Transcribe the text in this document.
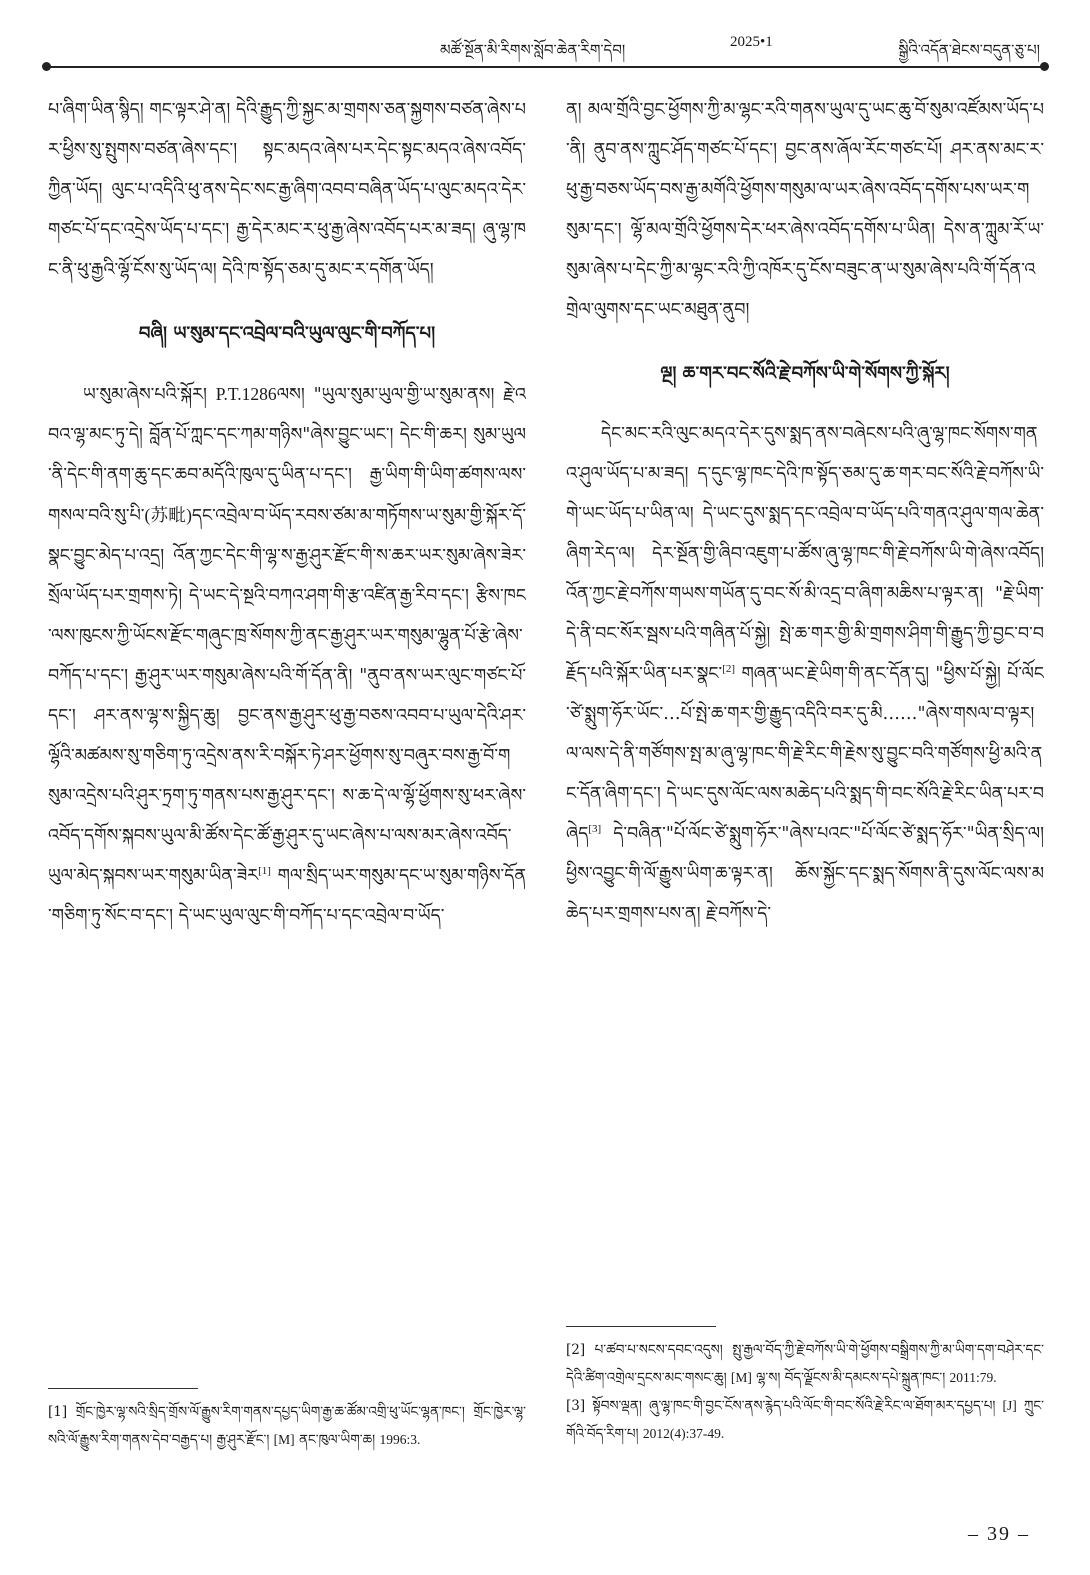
མཚོ་སྔོན་མི་རིགས་སློབ་ཆེན་རིག་དེབ།	2025•1	སྒྱིའི་འདོན་ཐེངས་བདུན་ཅུ་པ།

པ་ཞིག་ཡིན་སྙིད། གང་ལྟར་ཤེ་ན། དེའི་རྒྱུད་ཀྱི་སྐྱང་མ་གྲགས་ཅན་སྐྱགས་བཙན་ཞེས་པར་ཕྱིས་སུ་སྤུགས་བཙན་ཞེས་དང་། སྟང་མདའ་ཞེས་པར་དེང་སྟང་མདའ་ཞེས་འབོད་ཀྱིན་ཡོད། ལུང་པ་འདིའི་ཕུ་ནས་དེང་སང་རྒྱ་ཞིག་འབབ་བཞིན་ཡོད་པ་ལུང་མདའ་དེར་གཙང་པོ་དང་འདྲེས་ཡོད་པ་དང་། རྒྱ་དེར་མང་ར་ཕུ་རྒྱ་ཞེས་འབོད་པར་མ་ཟད། ཞུ་ལྷ་ཁང་ནི་ཕུ་རྒྱའི་ལྷོ་ངོས་སུ་ཡོད་ལ། དེའི་ཁ་སྟོད་ཅམ་དུ་མང་ར་དགོན་ཡོད།

བཞི། ཡ་སུམ་དང་འབྲེལ་བའི་ཡུལ་ལུང་གི་བཀོད་པ།

ཡ་སུམ་ཞེས་པའི་སྐོར། P.T.1286ལས། "ཡུལ་སུམ་ཡུལ་གྱི་ཡ་སུམ་ནས། རྗེ་འབའ་ལྷ་མང་ཏུ་དེ། བློན་པོ་ཀླང་དང་ཀམ་གཉིས"ཞེས་བྱུང་ཡང་། དེང་གི་ཆར། སུམ་ཡུལ་ནི་དེང་གི་ནག་ཆུ་དང་ཆབ་མདོའི་ཁུལ་དུ་ཡིན་པ་དང་། རྒྱ་ཡིག་གི་ཡིག་ཚགས་ལས་གསལ་བའི་སུ་པི་(苏毗)དང་འབྲེལ་བ་ཡོད་རབས་ཙམ་མ་གཏོགས་ཡ་སུམ་གྱི་སྐོར་དོ་སྣང་བྱུང་མེད་པ་འདྲ། འོན་ཀྱང་དེང་གི་ལྷ་ས་རྒྱ་ཤུར་རྫོང་གི་ས་ཆར་ཡར་སུམ་ཞེས་ཟེར་སྲོལ་ཡོད་པར་གྲགས་ཏེ། དེ་ཡང་དེ་སྔའི་བཀའ་ཤག་གི་རྩ་འཛིན་རྒྱ་རིབ་དང་། རྩིས་ཁང་ལས་ཁུངས་ཀྱི་ཡོངས་རྫོང་གཞུང་ཁྲ་སོགས་ཀྱི་ནང་རྒྱ་ཤུར་ཡར་གསུམ་ལྷུན་པོ་རྩེ་ཞེས་བཀོད་པ་དང་། རྒྱ་ཤུར་ཡར་གསུམ་ཞེས་པའི་གོ་དོན་ནི། "ནུབ་ནས་ཡར་ལུང་གཙང་པོ་དང་། ཤར་ནས་ལྷ་ས་སྐྱིད་ཆུ། བྱང་ནས་རྒྱ་ཤུར་ཕུ་རྒྱ་བཅས་འབབ་པ་ཡུལ་དེའི་ཤར་ལྷོའི་མཚམས་སུ་གཅིག་ཏུ་འདྲེས་ནས་རི་བསྐོར་ཏེ་ཤར་ཕྱོགས་སུ་བཞུར་བས་རྒྱ་བོ་གསུམ་འདྲེས་པའི་ཤུར་ཏྲག་ཏུ་གནས་པས་རྒྱ་ཤུར་དང་། ས་ཆ་དེ་ལ་ལྷོ་ཕྱོགས་སུ་ཕར་ཞེས་འབོད་དགོས་སྐབས་ཡུལ་མི་ཚོས་དེང་ཚོ་རྒྱ་ཤུར་དུ་ཡང་ཞེས་པ་ལས་མར་ཞེས་འབོད་ཡུལ་མེད་སྐབས་ཡར་གསུམ་ཡིན་ཟེར[1] གལ་སྲིད་ཡར་གསུམ་དང་ཡ་སུམ་གཉིས་དོན་གཅིག་ཏུ་སོང་བ་དང་། དེ་ཡང་ཡུལ་ལུང་གི་བཀོད་པ་དང་འབྲེལ་བ་ཡོད་

[1] གྲོང་ཁྱེར་ལྷ་སའི་སྲིད་གྲོས་ལོ་རྒྱུས་རིག་གནས་དཔྱད་ཡིག་རྒྱ་ཆ་ཚོམ་འགྲི་ཕུ་ཡོང་ལྷན་ཁང་། གྲོང་ཁྱེར་ལྷ་སའི་ལོ་རྒྱུས་རིག་གནས་དེབ་བརྒྱད་པ། རྒྱ་ཤུར་རྫོང་། [M] ནང་ཁུལ་ཡིག་ཆ། 1996:3.

ན། མལ་གྲོའི་བྱང་ཕྱོགས་ཀྱི་མ་ལྷང་རའི་གནས་ཡུལ་དུ་ཡང་ཆུ་བོ་སུམ་འཛོམས་ཡོད་པ་ནི། ནུབ་ནས་ཀླུང་ཤོད་གཙང་པོ་དང་། བྱང་ནས་ཞོལ་རོང་གཙང་པོ། ཤར་ནས་མང་ར་ཕུ་རྒྱ་བཅས་ཡོད་བས་རྒྱ་མགོའི་ཕྱོགས་གསུམ་ལ་ཡར་ཞེས་འབོད་དགོས་པས་ཡར་གསུམ་དང་། ལྷོ་མལ་གྲོའི་ཕྱོགས་དེར་ཕར་ཞེས་འབོད་དགོས་པ་ཡིན། དེས་ན་ཀླུམ་རོ་ཡ་སུམ་ཞེས་པ་དེང་ཀྱི་མ་ལྷང་རའི་ཀྱི་འཁོར་དུ་ངོས་བཟུང་ན་ཡ་སུམ་ཞེས་པའི་གོ་དོན་འགྲེལ་ལུགས་དང་ཡང་མཐུན་ནུབ།

ལྔ། ཆ་གར་བང་སོའི་རྗེ་བཀོས་ཡི་གེ་སོགས་ཀྱི་སྐོར།

དེང་མང་རའི་ལུང་མདའ་དེར་དུས་སྨད་ནས་བཞེངས་པའི་ཞུ་ལྷ་ཁང་སོགས་གནའ་ཤུལ་ཡོད་པ་མ་ཟད། ད་དུང་ལྷ་ཁང་དེའི་ཁ་སྟོད་ཅམ་དུ་ཆ་གར་བང་སོའི་རྗེ་བཀོས་ཡི་གེ་ཡང་ཡོད་པ་ཡིན་ལ། དེ་ཡང་དུས་སྨད་དང་འབྲེལ་བ་ཡོད་པའི་གནའ་ཤུལ་གལ་ཆེན་ཞིག་རེད་ལ། དེར་སྔོན་གྱི་ཞིབ་འཇུག་པ་ཚོས་ཞུ་ལྷ་ཁང་གི་རྗེ་བཀོས་ཡི་གེ་ཞེས་འབོད། འོན་ཀྱང་རྗེ་བཀོས་གཡས་གཡོན་དུ་བང་སོ་མི་འདྲ་བ་ཞིག་མཆིས་པ་ལྟར་ན། "རྗེ་ཡིག་དེ་ནི་བང་སོར་སྦས་པའི་གཞིན་པོ་སྐྱེ། སྤེ་ཆ་གར་གྱི་མི་གྲགས་ཤིག་གི་རྒྱུད་ཀྱི་བྱང་བ་བརྗོད་པའི་སྐོར་ཡིན་པར་སྣང་[2] གཞན་ཡང་རྗེ་ཡིག་གི་ནང་དོན་དུ། "ཕྱིས་པོ་སྐྱེ། པོ་ལོང་ཙེ་སྨུག་ཧོར་ཡོང་…པོ་སྤེ་ཆ་གར་གྱི་རྒྱུད་འདིའི་བར་དུ་མི……"ཞེས་གསལ་བ་ལྟར། ལ་ལས་དེ་ནི་གཙོགས་སྤ་མ་ཞུ་ལྷ་ཁང་གི་རྗེ་རིང་གི་རྗེས་སུ་བྱུང་བའི་གཙོགས་ཕྱི་མའི་ནང་དོན་ཞིག་དང་། དེ་ཡང་དུས་ལོང་ལས་མཆེད་པའི་སྨད་གི་བང་སོའི་རྗེ་རིང་ཡིན་པར་བཞེད[3] དེ་བཞིན་"པོ་ལོང་ཙེ་སྨུག་ཧོར་"ཞེས་པའང་"པོ་ལོང་ཙེ་སྨད་ཧོར་"ཡིན་སྲིད་ལ། ཕྱིས་འབྱུང་གི་ལོ་རྒྱུས་ཡིག་ཆ་ལྟར་ན། ཆོས་སྐྱོང་དང་སྨད་སོགས་ནི་དུས་ལོང་ལས་མཆེད་པར་གྲགས་པས་ན། རྗེ་བཀོས་དེ་

[2] པ་ཚབ་པ་སངས་དབང་འདུས། སྤུ་རྒྱལ་བོད་ཀྱི་རྗེ་བཀོས་ཡི་གེ་ཕྱོགས་བསྒྲིགས་ཀྱི་མ་ཡིག་དག་བཤེར་དང་དེའི་ཚིག་འགྲེལ་དྲངས་མང་གསང་ཆུ། [M] ལྷ་ས། བོད་ལྗོངས་མི་དམངས་དཔེ་སྐྲུན་ཁང་། 2011:79.

[3] སྟོབས་ལྡན། ཞུ་ལྷ་ཁང་གི་བྱང་ངོས་ནས་རྙེད་པའི་ལོང་གི་བང་སོའི་རྗེ་རིང་ལ་ཐོག་མར་དཔྱད་པ། [J] ཀྲུང་གོའི་བོད་རིག་པ། 2012(4):37-49.

– 39 –
